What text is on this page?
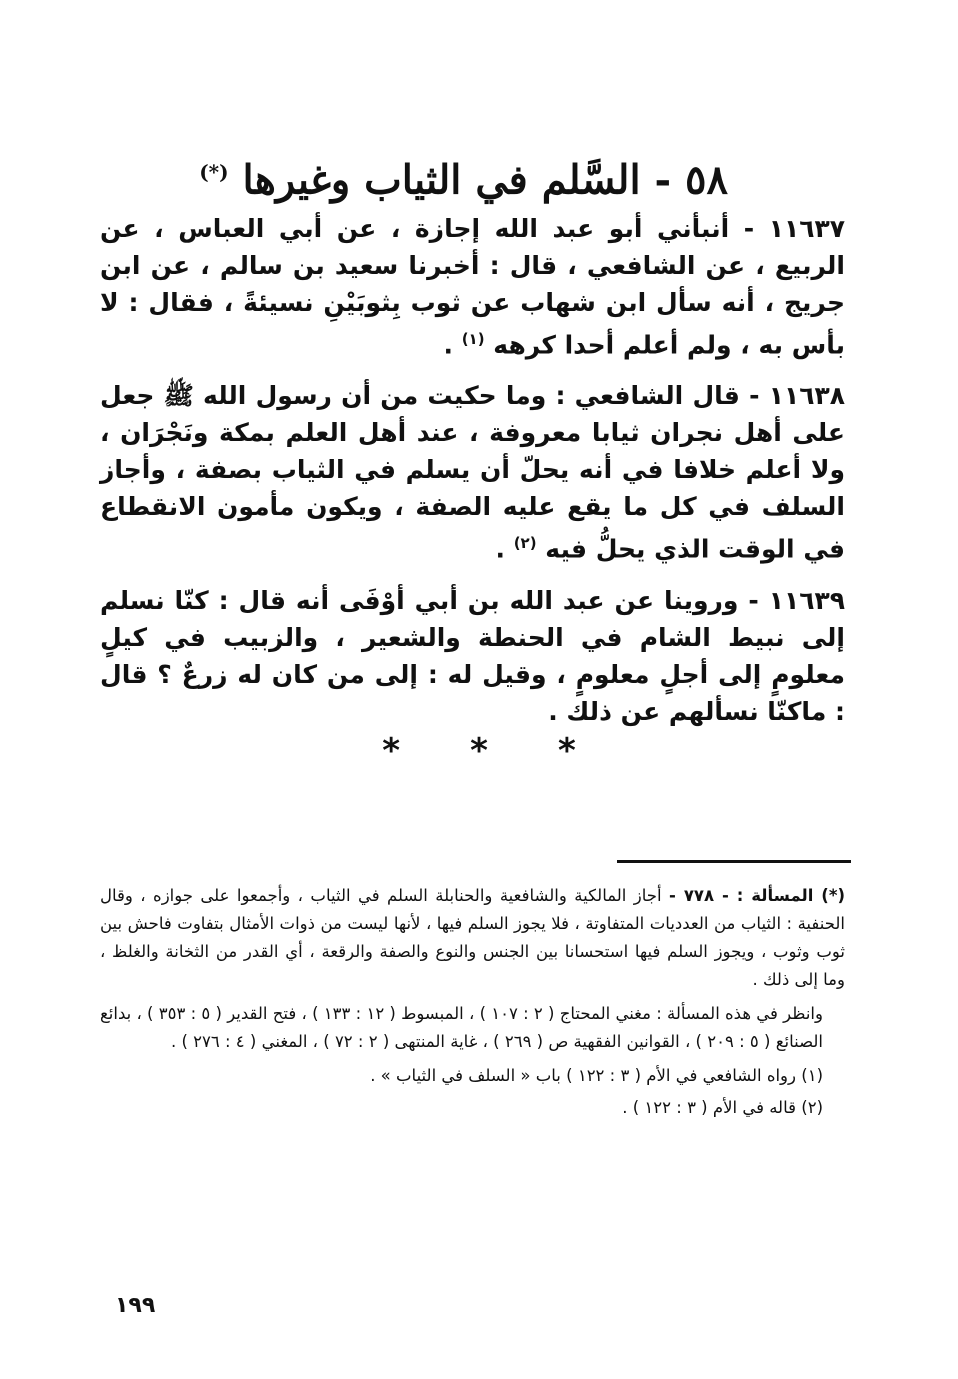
٥٨ - السَّلم في الثياب وغيرها (*)

١١٦٣٧ - أنبأني أبو عبد الله إجازة ، عن أبي العباس ، عن الربيع ، عن الشافعي ، قال : أخبرنا سعيد بن سالم ، عن ابن جريج ، أنه سأل ابن شهاب عن ثوب بِثوبَيْنِ نسيئةً ، فقال : لا بأس به ، ولم أعلم أحدا كرهه $^{(١)}$ .

١١٦٣٨ - قال الشافعي : وما حكيت من أن رسول الله ﷺ جعل على أهل نجران ثيابا معروفة ، عند أهل العلم بمكة ونَجْرَان ، ولا أعلم خلافا في أنه يحلّ أن يسلم في الثياب بصفة ، وأجاز السلف في كل ما يقع عليه الصفة ، ويكون مأمون الانقطاع في الوقت الذي يحلُّ فيه $^{(٢)}$ .

١١٦٣٩ - وروينا عن عبد الله بن أبي أوْفَى أنه قال : كنّا نسلم إلى نبيط الشام في الحنطة والشعير ، والزبيب في كيلٍ معلومٍ إلى أجلٍ معلومٍ ، وقيل له : إلى من كان له زرعٌ ؟ قال : ماكنّا نسألهم عن ذلك .

* * *

(*) المسألة : - ٧٧٨ - أجاز المالكية والشافعية والحنابلة السلم في الثياب ، وأجمعوا على جوازه ، وقال الحنفية : الثياب من العدديات المتفاوتة ، فلا يجوز السلم فيها ، لأنها ليست من ذوات الأمثال بتفاوت فاحش بين ثوب وثوب ، ويجوز السلم فيها استحسانا بين الجنس والنوع والصفة والرقعة ، أي القدر من الثخانة والغلظ ، وما إلى ذلك .

وانظر في هذه المسألة : مغني المحتاج ( ٢ : ١٠٧ ) ، المبسوط ( ١٢ : ١٣٣ ) ، فتح القدير ( ٥ : ٣٥٣ ) ، بدائع الصنائع ( ٥ : ٢٠٩ ) ، القوانين الفقهية ص ( ٢٦٩ ) ، غاية المنتهى ( ٢ : ٧٢ ) ، المغني ( ٤ : ٢٧٦ ) .

(١) رواه الشافعي في الأم ( ٣ : ١٢٢ ) باب « السلف في الثياب » .

(٢) قاله في الأم ( ٣ : ١٢٢ ) .

١٩٩
